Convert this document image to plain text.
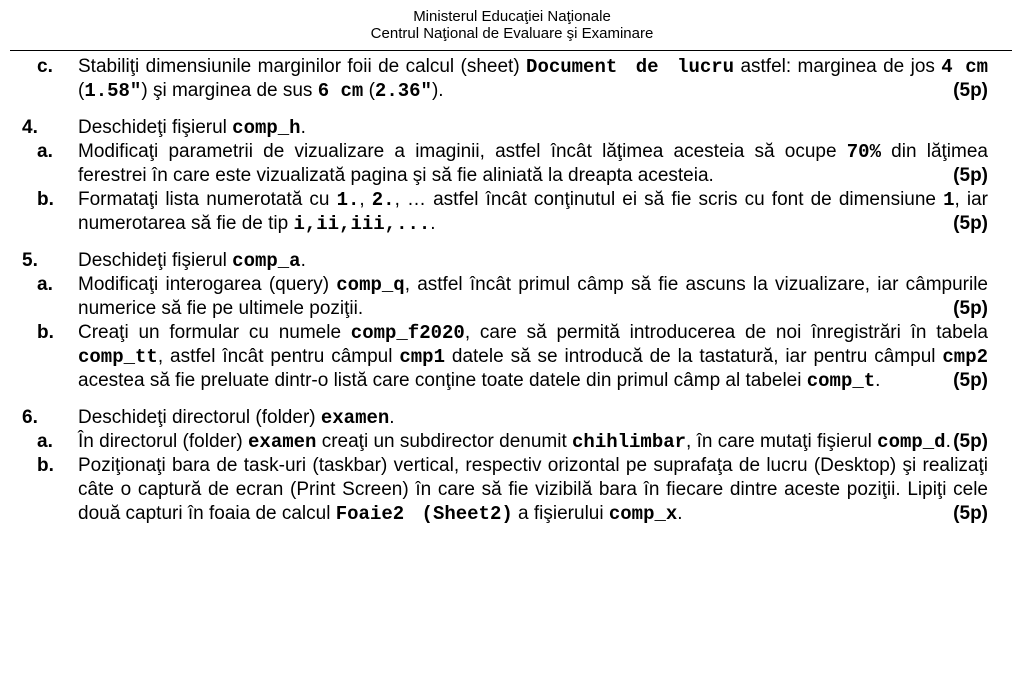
Ministerul Educaţiei Naţionale
Centrul Naţional de Evaluare şi Examinare
c. Stabiliţi dimensiunile marginilor foii de calcul (sheet) Document de lucru astfel: marginea de jos 4 cm (1.58″) şi marginea de sus 6 cm (2.36″).	(5p)
4. Deschideţi fişierul comp_h.
a. Modificaţi parametrii de vizualizare a imaginii, astfel încât lăţimea acesteia să ocupe 70% din lăţimea ferestrei în care este vizualizată pagina şi să fie aliniată la dreapta acesteia.	(5p)
b. Formataţi lista numerotată cu 1., 2., … astfel încât conţinutul ei să fie scris cu font de dimensiune 1, iar numerotarea să fie de tip i,ii,iii,....	(5p)
5. Deschideţi fişierul comp_a.
a. Modificaţi interogarea (query) comp_q, astfel încât primul câmp să fie ascuns la vizualizare, iar câmpurile numerice să fie pe ultimele poziţii.	(5p)
b. Creaţi un formular cu numele comp_f2020, care să permită introducerea de noi înregistrări în tabela comp_tt, astfel încât pentru câmpul cmp1 datele să se introducă de la tastatură, iar pentru câmpul cmp2 acestea să fie preluate dintr-o listă care conţine toate datele din primul câmp al tabelei comp_t.	(5p)
6. Deschideţi directorul (folder) examen.
a. În directorul (folder) examen creaţi un subdirector denumit chihlimbar, în care mutaţi fişierul comp_d. (5p)
b. Poziţionaţi bara de task-uri (taskbar) vertical, respectiv orizontal pe suprafaţa de lucru (Desktop) şi realizaţi câte o captură de ecran (Print Screen) în care să fie vizibilă bara în fiecare dintre aceste poziţii. Lipiţi cele două capturi în foaia de calcul Foaie2 (Sheet2) a fişierului comp_x.	(5p)
